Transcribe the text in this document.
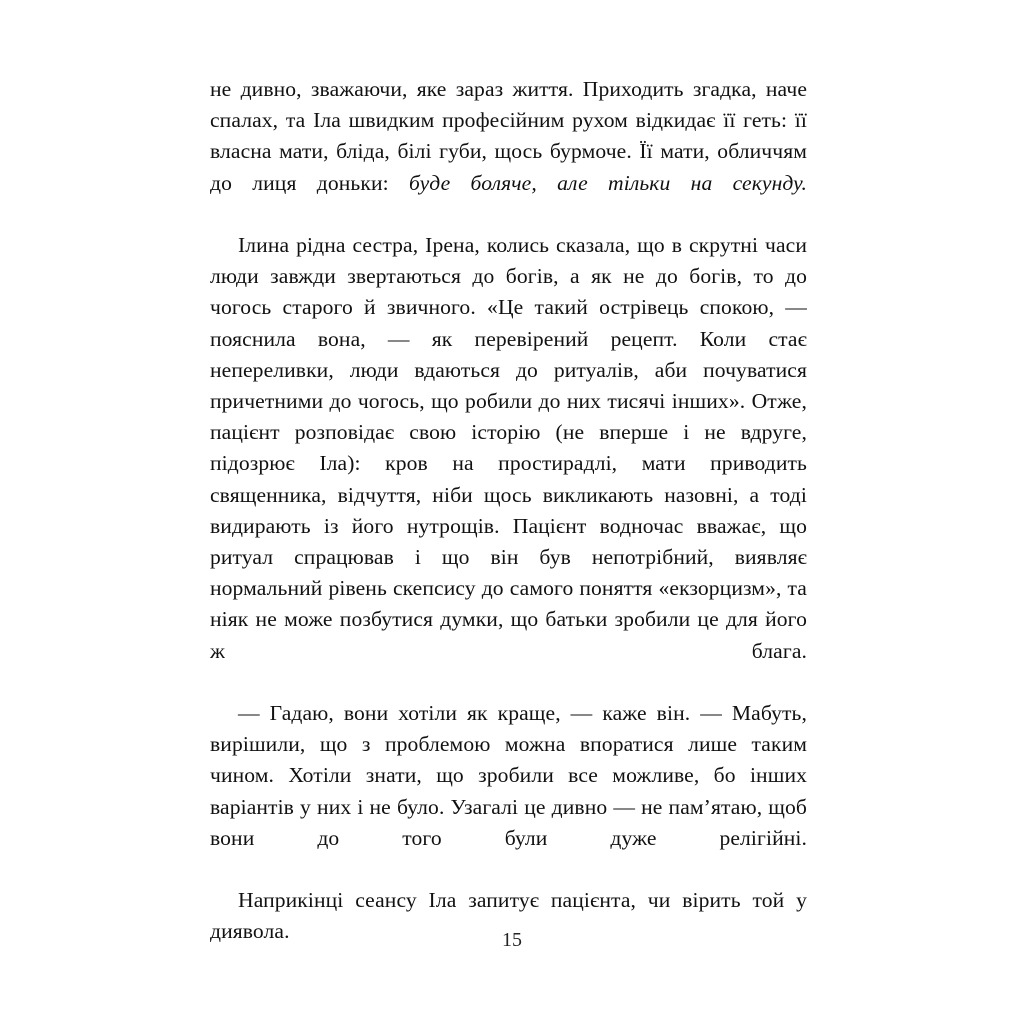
не дивно, зважаючи, яке зараз життя. Приходить згадка, наче спалах, та Іла швидким професійним рухом відкидає її геть: її власна мати, бліда, білі губи, щось бурмоче. Її мати, обличчям до лиця доньки: буде боляче, але тільки на секунду.

Ілина рідна сестра, Ірена, колись сказала, що в скрутні часи люди завжди звертаються до богів, а як не до богів, то до чогось старого й звичного. «Це такий острівець спокою, — пояснила вона, — як перевірений рецепт. Коли стає непереливки, люди вдаються до ритуалів, аби почуватися причетними до чогось, що робили до них тисячі інших». Отже, пацієнт розповідає свою історію (не вперше і не вдруге, підозрює Іла): кров на простирадлі, мати приводить священника, відчуття, ніби щось викликають назовні, а тоді видирають із його нутрощів. Пацієнт водночас вважає, що ритуал спрацював і що він був непотрібний, виявляє нормальний рівень скепсису до самого поняття «екзорцизм», та ніяк не може позбутися думки, що батьки зробили це для його ж блага.

— Гадаю, вони хотіли як краще, — каже він. — Мабуть, вирішили, що з проблемою можна впоратися лише таким чином. Хотіли знати, що зробили все можливе, бо інших варіантів у них і не було. Узагалі це дивно — не пам’ятаю, щоб вони до того були дуже релігійні.

Наприкінці сеансу Іла запитує пацієнта, чи вірить той у диявола.	15
